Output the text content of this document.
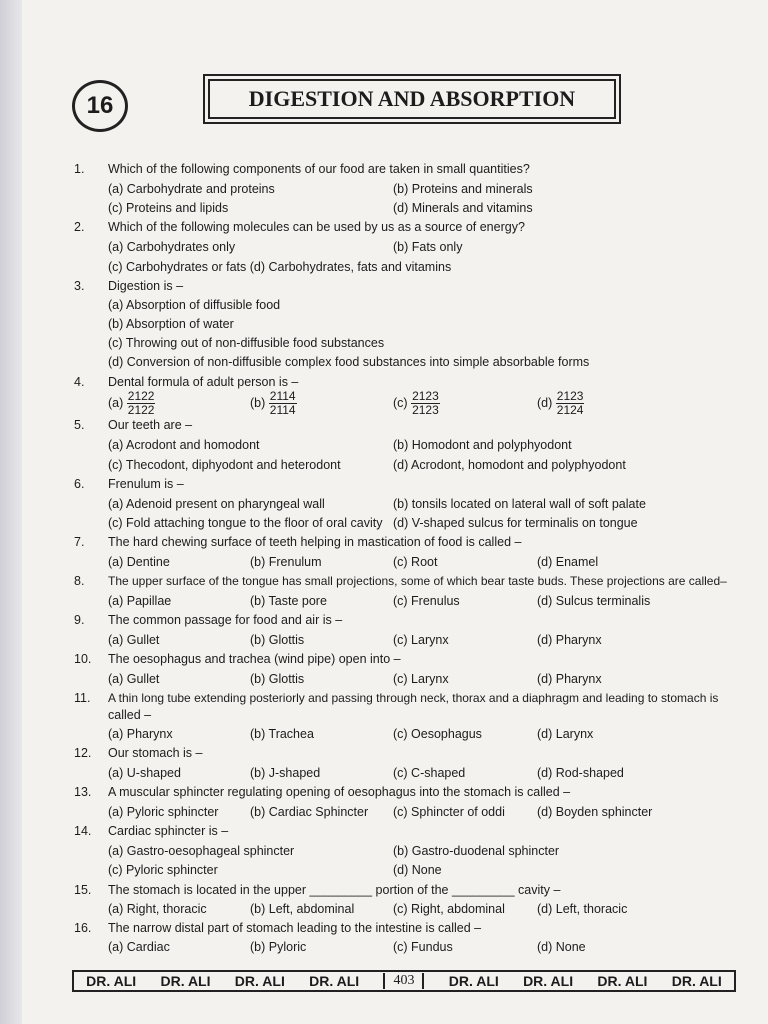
16	DIGESTION AND ABSORPTION
1. Which of the following components of our food are taken in small quantities?
(a) Carbohydrate and proteins	(b) Proteins and minerals
(c) Proteins and lipids	(d) Minerals and vitamins
2. Which of the following molecules can be used by us as a source of energy?
(a) Carbohydrates only	(b) Fats only
(c) Carbohydrates or fats (d) Carbohydrates, fats and vitamins
3. Digestion is –
(a) Absorption of diffusible food
(b) Absorption of water
(c) Throwing out of non-diffusible food substances
(d) Conversion of non-diffusible complex food substances into simple absorbable forms
4. Dental formula of adult person is –
$(a) \frac{2122}{2122}$	$(b) \frac{2114}{2114}$	$(c) \frac{2123}{2123}$	$(d) \frac{2123}{2124}$
5. Our teeth are –
(a) Acrodont and homodont	(b) Homodont and polyphyodont
(c) Thecodont, diphyodont and heterodont	(d) Acrodont, homodont and polyphyodont
6. Frenulum is –
(a) Adenoid present on pharyngeal wall	(b) tonsils located on lateral wall of soft palate
(c) Fold attaching tongue to the floor of oral cavity (d) V-shaped sulcus for terminalis on tongue
7. The hard chewing surface of teeth helping in mastication of food is called –
(a) Dentine	(b) Frenulum	(c) Root	(d) Enamel
8. The upper surface of the tongue has small projections, some of which bear taste buds. These projections are called–
(a) Papillae	(b) Taste pore	(c) Frenulus	(d) Sulcus terminalis
9. The common passage for food and air is –
(a) Gullet	(b) Glottis	(c) Larynx	(d) Pharynx
10. The oesophagus and trachea (wind pipe) open into –
(a) Gullet	(b) Glottis	(c) Larynx	(d) Pharynx
11. A thin long tube extending posteriorly and passing through neck, thorax and a diaphragm and leading to stomach is
called –
(a) Pharynx	(b) Trachea	(c) Oesophagus	(d) Larynx
12. Our stomach is –
(a) U-shaped	(b) J-shaped	(c) C-shaped	(d) Rod-shaped
13. A muscular sphincter regulating opening of oesophagus into the stomach is called –
(a) Pyloric sphincter	(b) Cardiac Sphincter (c) Sphincter of oddi	(d) Boyden sphincter
14. Cardiac sphincter is –
(a) Gastro-oesophageal sphincter	(b) Gastro-duodenal sphincter
(c) Pyloric sphincter	(d) None
15. The stomach is located in the upper _________ portion of the _________ cavity –
(a) Right, thoracic	(b) Left, abdominal	(c) Right, abdominal	(d) Left, thoracic
16. The narrow distal part of stomach leading to the intestine is called –
(a) Cardiac	(b) Pyloric	(c) Fundus	(d) None
DR. ALI DR. ALI DR. ALI DR. ALI	403	DR. ALI DR. ALI DR. ALI DR. ALI
